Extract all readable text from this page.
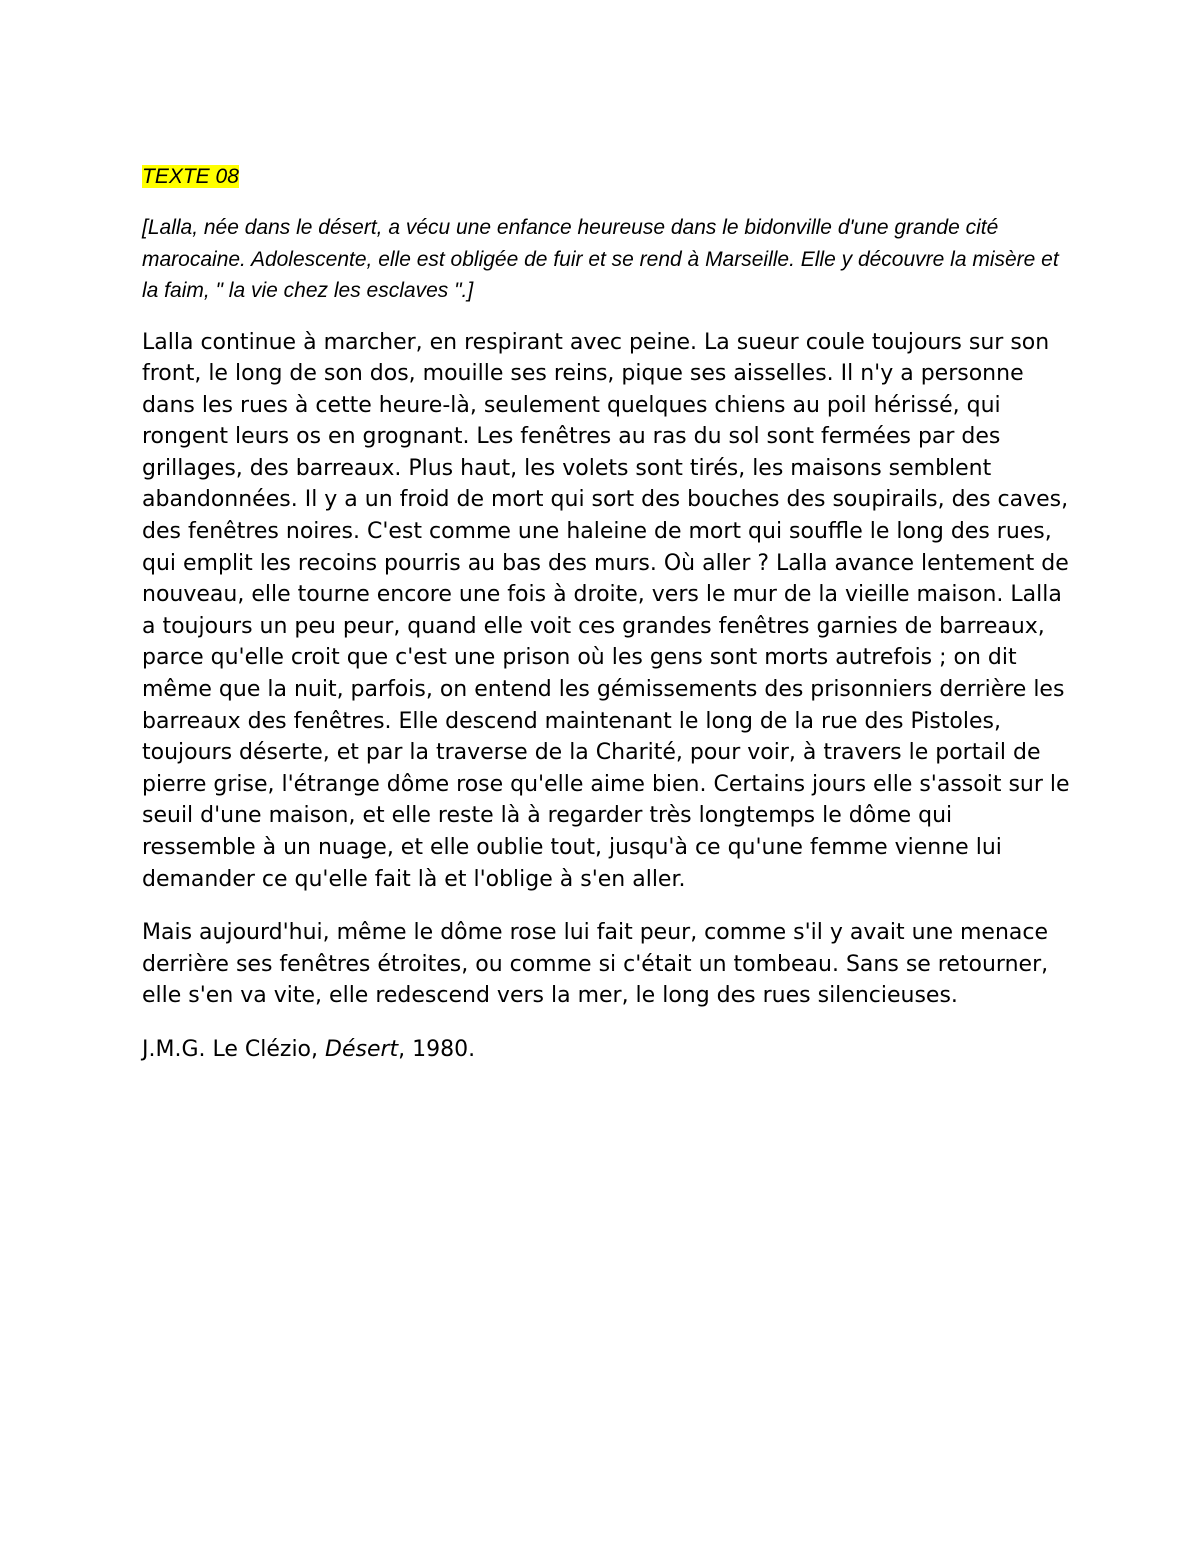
TEXTE 08

[Lalla, née dans le désert, a vécu une enfance heureuse dans le bidonville d'une grande cité marocaine. Adolescente, elle est obligée de fuir et se rend à Marseille. Elle y découvre la misère et la faim, " la vie chez les esclaves ".]

Lalla continue à marcher, en respirant avec peine. La sueur coule toujours sur son front, le long de son dos, mouille ses reins, pique ses aisselles. Il n'y a personne dans les rues à cette heure-là, seulement quelques chiens au poil hérissé, qui rongent leurs os en grognant. Les fenêtres au ras du sol sont fermées par des grillages, des barreaux. Plus haut, les volets sont tirés, les maisons semblent abandonnées. Il y a un froid de mort qui sort des bouches des soupirails, des caves, des fenêtres noires. C'est comme une haleine de mort qui souffle le long des rues, qui emplit les recoins pourris au bas des murs. Où aller ? Lalla avance lentement de nouveau, elle tourne encore une fois à droite, vers le mur de la vieille maison. Lalla a toujours un peu peur, quand elle voit ces grandes fenêtres garnies de barreaux, parce qu'elle croit que c'est une prison où les gens sont morts autrefois ; on dit même que la nuit, parfois, on entend les gémissements des prisonniers derrière les barreaux des fenêtres. Elle descend maintenant le long de la rue des Pistoles, toujours déserte, et par la traverse de la Charité, pour voir, à travers le portail de pierre grise, l'étrange dôme rose qu'elle aime bien. Certains jours elle s'assoit sur le seuil d'une maison, et elle reste là à regarder très longtemps le dôme qui ressemble à un nuage, et elle oublie tout, jusqu'à ce qu'une femme vienne lui demander ce qu'elle fait là et l'oblige à s'en aller.

Mais aujourd'hui, même le dôme rose lui fait peur, comme s'il y avait une menace derrière ses fenêtres étroites, ou comme si c'était un tombeau. Sans se retourner, elle s'en va vite, elle redescend vers la mer, le long des rues silencieuses.

J.M.G. Le Clézio, Désert, 1980.
